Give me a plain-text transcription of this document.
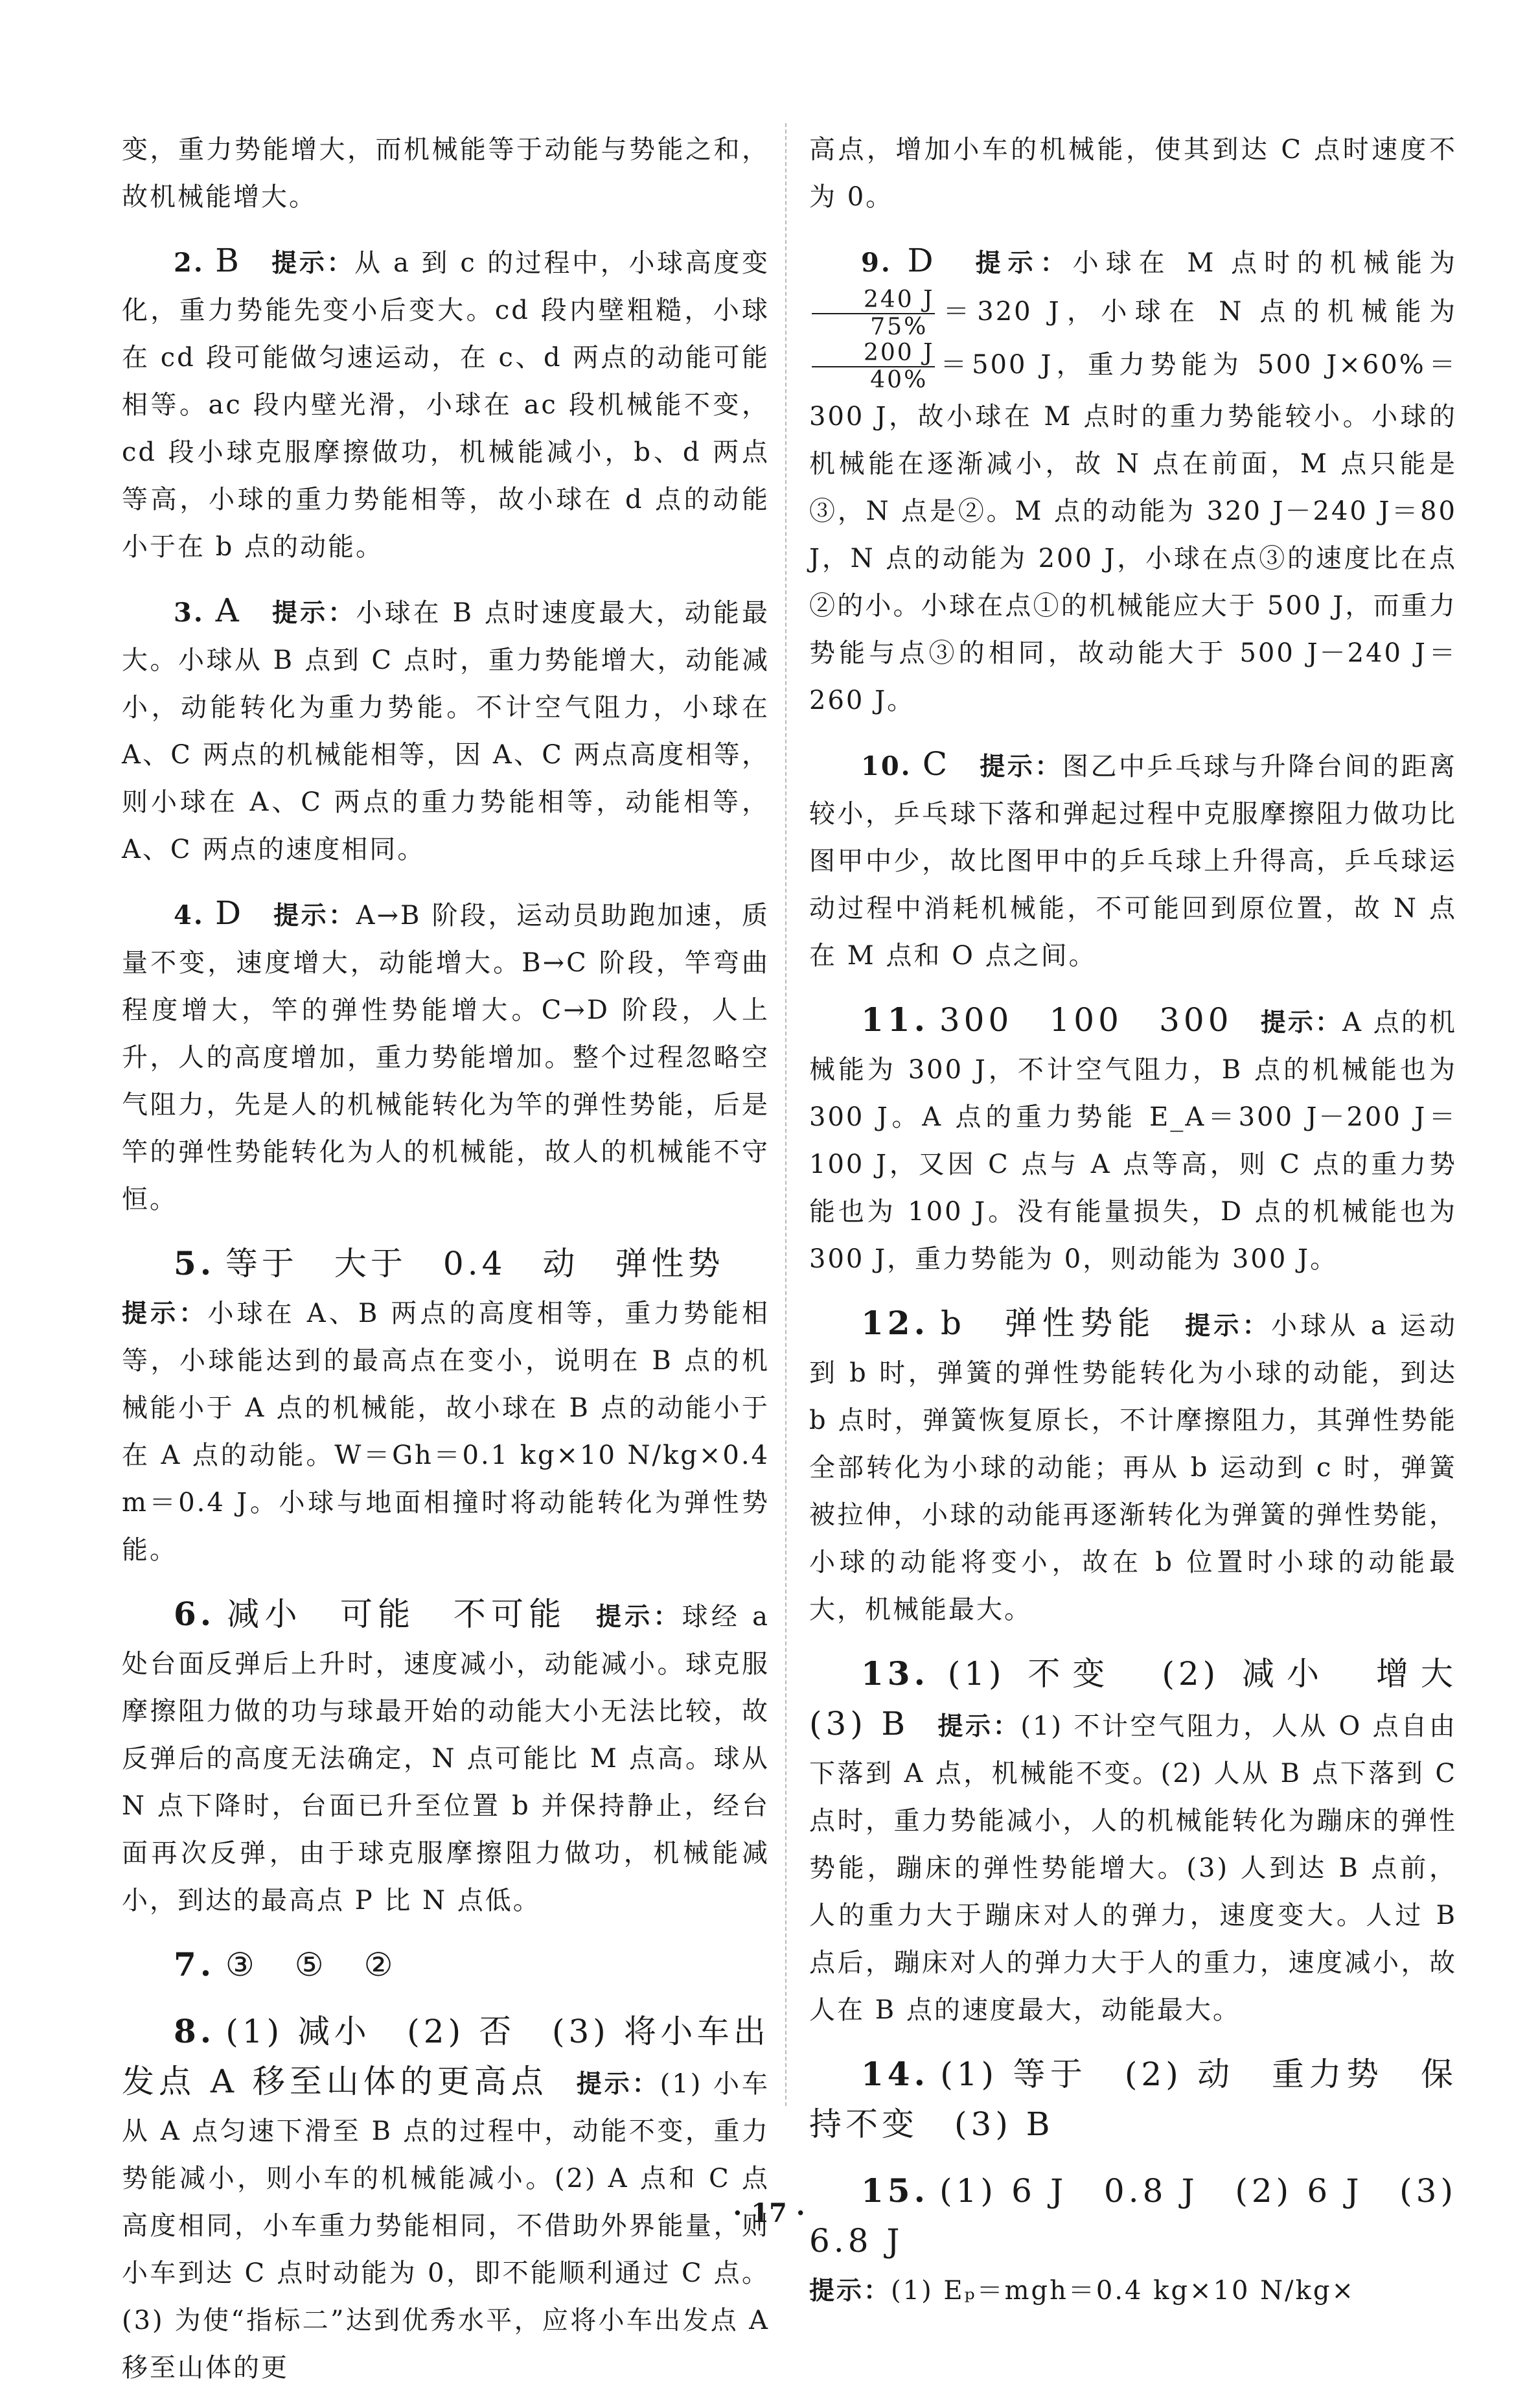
变，重力势能增大，而机械能等于动能与势能之和，故机械能增大。

2. B　 提示：从 a 到 c 的过程中，小球高度变化，重力势能先变小后变大。cd 段内壁粗糙，小球在 cd 段可能做匀速运动，在 c、d 两点的动能可能相等。ac 段内壁光滑，小球在 ac 段机械能不变，cd 段小球克服摩擦做功，机械能减小，b、d 两点等高，小球的重力势能相等，故小球在 d 点的动能小于在 b 点的动能。

3. A　 提示：小球在 B 点时速度最大，动能最大。小球从 B 点到 C 点时，重力势能增大，动能减小，动能转化为重力势能。不计空气阻力，小球在 A、C 两点的机械能相等，因 A、C 两点高度相等，则小球在 A、C 两点的重力势能相等，动能相等，A、C 两点的速度相同。

4. D　 提示：A→B 阶段，运动员助跑加速，质量不变，速度增大，动能增大。B→C 阶段，竿弯曲程度增大，竿的弹性势能增大。C→D 阶段，人上升，人的高度增加，重力势能增加。整个过程忽略空气阻力，先是人的机械能转化为竿的弹性势能，后是竿的弹性势能转化为人的机械能，故人的机械能不守恒。

5. 等于　大于　0.4　动　弹性势
提示：小球在 A、B 两点的高度相等，重力势能相等，小球能达到的最高点在变小，说明在 B 点的机械能小于 A 点的机械能，故小球在 B 点的动能小于在 A 点的动能。W＝Gh＝0.1 kg×10 N/kg×0.4 m＝0.4 J。小球与地面相撞时将动能转化为弹性势能。

6. 减小　可能　不可能　 提示：球经 a 处台面反弹后上升时，速度减小，动能减小。球克服摩擦阻力做的功与球最开始的动能大小无法比较，故反弹后的高度无法确定，N 点可能比 M 点高。球从 N 点下降时，台面已升至位置 b 并保持静止，经台面再次反弹，由于球克服摩擦阻力做功，机械能减小，到达的最高点 P 比 N 点低。

7. ③　⑤　②

8. (1) 减小　(2) 否　(3) 将小车出发点 A 移至山体的更高点　 提示：(1) 小车从 A 点匀速下滑至 B 点的过程中，动能不变，重力势能减小，则小车的机械能减小。(2) A 点和 C 点高度相同，小车重力势能相同，不借助外界能量，则小车到达 C 点时动能为 0，即不能顺利通过 C 点。(3) 为使“指标二”达到优秀水平，应将小车出发点 A 移至山体的更

高点，增加小车的机械能，使其到达 C 点时速度不为 0。

9. D　 提示：小球在 M 点时的机械能为
$\frac{240 J}{75\%} =320$ J，小球在 N 点的机械能为
$\frac{200 J}{40\%} =500$ J，重力势能为 500 J×60%＝300 J，故小球在 M 点时的重力势能较小。小球的机械能在逐渐减小，故 N 点在前面，M 点只能是③，N 点是②。M 点的动能为 320 J－240 J＝80 J，N 点的动能为 200 J，小球在点③的速度比在点②的小。小球在点①的机械能应大于 500 J，而重力势能与点③的相同，故动能大于 500 J－240 J＝260 J。

10. C　 提示：图乙中乒乓球与升降台间的距离较小，乒乓球下落和弹起过程中克服摩擦阻力做功比图甲中少，故比图甲中的乒乓球上升得高，乒乓球运动过程中消耗机械能，不可能回到原位置，故 N 点在 M 点和 O 点之间。

11. 300　100　300　 提示：A 点的机械能为 300 J，不计空气阻力，B 点的机械能也为 300 J。A 点的重力势能 E_A＝300 J－200 J＝100 J，又因 C 点与 A 点等高，则 C 点的重力势能也为 100 J。没有能量损失，D 点的机械能也为 300 J，重力势能为 0，则动能为 300 J。

12. b　弹性势能　 提示：小球从 a 运动到 b 时，弹簧的弹性势能转化为小球的动能，到达 b 点时，弹簧恢复原长，不计摩擦阻力，其弹性势能全部转化为小球的动能；再从 b 运动到 c 时，弹簧被拉伸，小球的动能再逐渐转化为弹簧的弹性势能，小球的动能将变小，故在 b 位置时小球的动能最大，机械能最大。

13. (1) 不变　(2) 减小　增大　(3) B　 提示：(1) 不计空气阻力，人从 O 点自由下落到 A 点，机械能不变。(2) 人从 B 点下落到 C 点时，重力势能减小，人的机械能转化为蹦床的弹性势能，蹦床的弹性势能增大。(3) 人到达 B 点前，人的重力大于蹦床对人的弹力，速度变大。人过 B 点后，蹦床对人的弹力大于人的重力，速度减小，故人在 B 点的速度最大，动能最大。

14. (1) 等于　(2) 动　重力势　保持不变　(3) B

15. (1) 6 J　0.8 J　(2) 6 J　(3) 6.8 J
提示：(1) Eₚ＝mgh＝0.4 kg×10 N/kg×

· 17 ·
